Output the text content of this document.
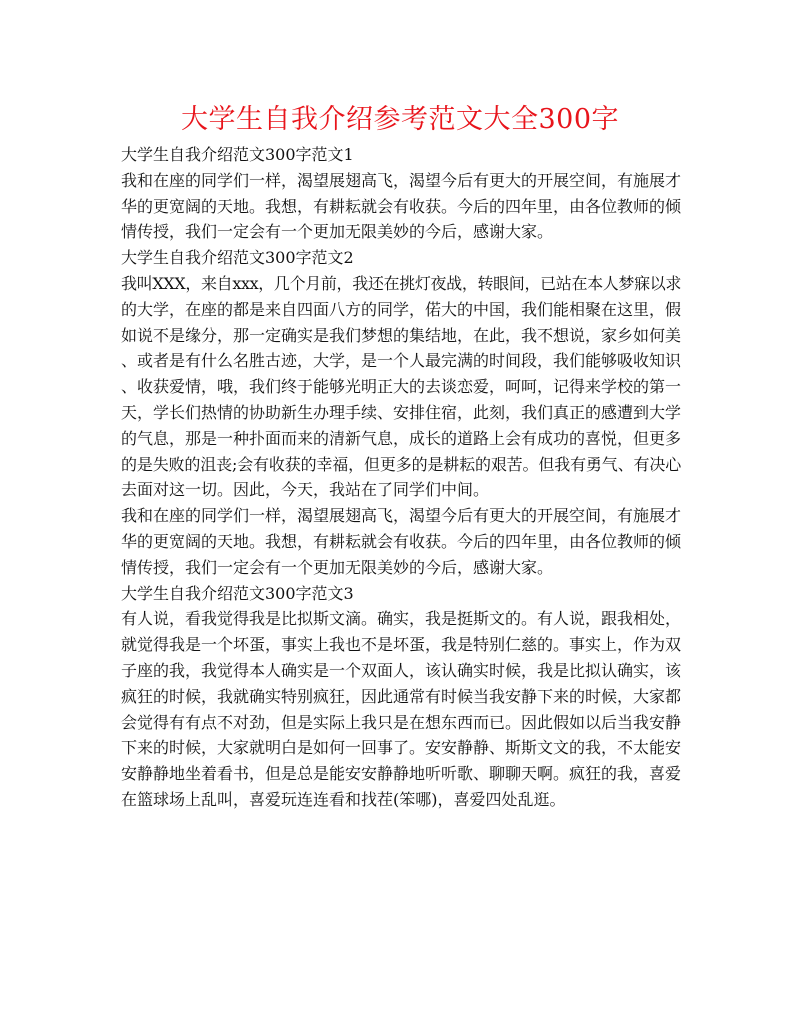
大学生自我介绍参考范文大全300字
大学生自我介绍范文300字范文1
我和在座的同学们一样，渴望展翅高飞，渴望今后有更大的开展空间，有施展才
华的更宽阔的天地。我想，有耕耘就会有收获。今后的四年里，由各位教师的倾
情传授，我们一定会有一个更加无限美妙的今后，感谢大家。
大学生自我介绍范文300字范文2
我叫XXX，来自xxx，几个月前，我还在挑灯夜战，转眼间，已站在本人梦寐以求
的大学，在座的都是来自四面八方的同学，偌大的中国，我们能相聚在这里，假
如说不是缘分，那一定确实是我们梦想的集结地，在此，我不想说，家乡如何美
、或者是有什么名胜古迹，大学，是一个人最完满的时间段，我们能够吸收知识
、收获爱情，哦，我们终于能够光明正大的去谈恋爱，呵呵，记得来学校的第一
天，学长们热情的协助新生办理手续、安排住宿，此刻，我们真正的感遭到大学
的气息，那是一种扑面而来的清新气息，成长的道路上会有成功的喜悦，但更多
的是失败的沮丧;会有收获的幸福，但更多的是耕耘的艰苦。但我有勇气、有决心
去面对这一切。因此，今天，我站在了同学们中间。
我和在座的同学们一样，渴望展翅高飞，渴望今后有更大的开展空间，有施展才
华的更宽阔的天地。我想，有耕耘就会有收获。今后的四年里，由各位教师的倾
情传授，我们一定会有一个更加无限美妙的今后，感谢大家。
大学生自我介绍范文300字范文3
有人说，看我觉得我是比拟斯文滴。确实，我是挺斯文的。有人说，跟我相处，
就觉得我是一个坏蛋，事实上我也不是坏蛋，我是特别仁慈的。事实上，作为双
子座的我，我觉得本人确实是一个双面人，该认确实时候，我是比拟认确实，该
疯狂的时候，我就确实特别疯狂，因此通常有时候当我安静下来的时候，大家都
会觉得有有点不对劲，但是实际上我只是在想东西而已。因此假如以后当我安静
下来的时候，大家就明白是如何一回事了。安安静静、斯斯文文的我，不太能安
安静静地坐着看书，但是总是能安安静静地听听歌、聊聊天啊。疯狂的我，喜爱
在篮球场上乱叫，喜爱玩连连看和找茬(笨哪)，喜爱四处乱逛。
